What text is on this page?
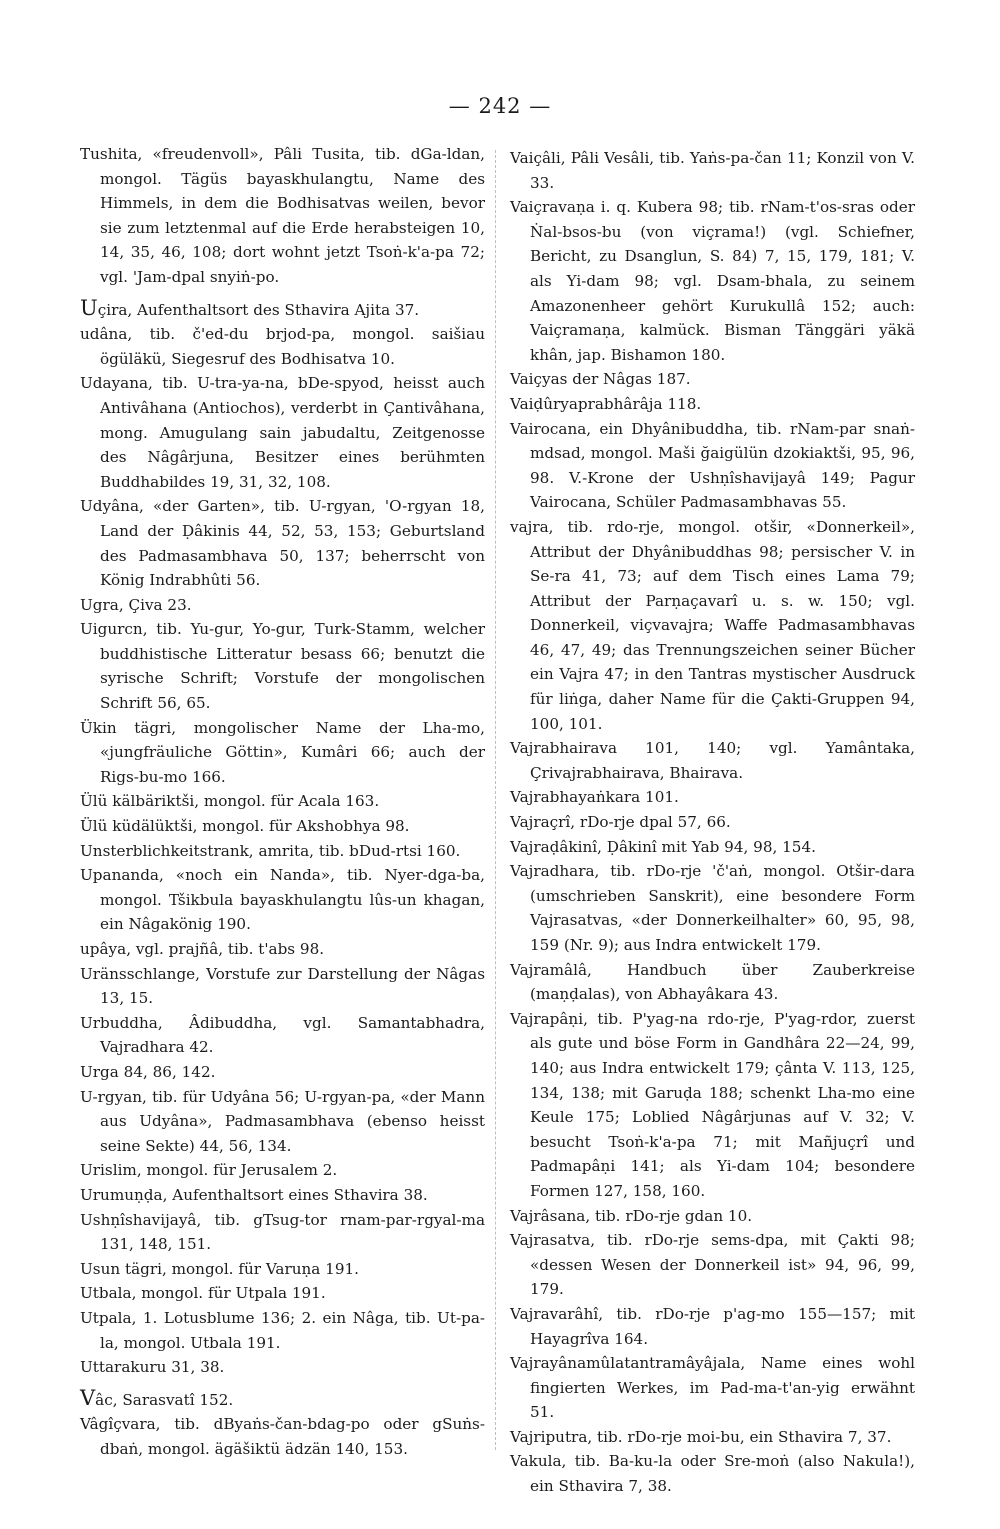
— 242 —

Tushita, «freudenvoll», Pâli Tusita, tib. dGa-ldan, mongol. Tägüs bayaskhulangtu, Name des Himmels, in dem die Bodhisatvas weilen, bevor sie zum letztenmal auf die Erde herabsteigen 10, 14, 35, 46, 108; dort wohnt jetzt Tsoṅ-k'a-pa 72; vgl. 'Jam-dpal snyiṅ-po.

Uçira, Aufenthaltsort des Sthavira Ajita 37.

udâna, tib. č'ed-du brjod-pa, mongol. saišiau ögüläkü, Siegesruf des Bodhisatva 10.

Udayana, tib. U-tra-ya-na, bDe-spyod, heisst auch Antivâhana (Antiochos), verderbt in Çantivâhana, mong. Amugulang sain jabudaltu, Zeitgenosse des Nâgârjuna, Besitzer eines berühmten Buddhabildes 19, 31, 32, 108.

Udyâna, «der Garten», tib. U-rgyan, 'O-rgyan 18, Land der Ḍâkinis 44, 52, 53, 153; Geburtsland des Padmasambhava 50, 137; beherrscht von König Indrabhûti 56.

Ugra, Çiva 23.

Uigurcn, tib. Yu-gur, Yo-gur, Turk-Stamm, welcher buddhistische Litteratur besass 66; benutzt die syrische Schrift; Vorstufe der mongolischen Schrift 56, 65.

Ükin tägri, mongolischer Name der Lha-mo, «jungfräuliche Göttin», Kumâri 66; auch der Rigs-bu-mo 166.

Ülü kälbäriktši, mongol. für Acala 163.

Ülü küdälüktši, mongol. für Akshobhya 98.

Unsterblichkeitstrank, amrita, tib. bDud-rtsi 160.

Upananda, «noch ein Nanda», tib. Nyer-dga-ba, mongol. Tšikbula bayaskhulangtu lûs-un khagan, ein Nâgakönig 190.

upâya, vgl. prajñâ, tib. t'abs 98.

Uränsschlange, Vorstufe zur Darstellung der Nâgas 13, 15.

Urbuddha, Âdibuddha, vgl. Samantabhadra, Vajradhara 42.

Urga 84, 86, 142.

U-rgyan, tib. für Udyâna 56; U-rgyan-pa, «der Mann aus Udyâna», Padmasambhava (ebenso heisst seine Sekte) 44, 56, 134.

Urislim, mongol. für Jerusalem 2.

Urumuṇḍa, Aufenthaltsort eines Sthavira 38.

Ushṇîshavijayâ, tib. gTsug-tor rnam-par-rgyal-ma 131, 148, 151.

Usun tägri, mongol. für Varuṇa 191.

Utbala, mongol. für Utpala 191.

Utpala, 1. Lotusblume 136; 2. ein Nâga, tib. Ut-pa-la, mongol. Utbala 191.

Uttarakuru 31, 38.

Vâc, Sarasvatî 152.

Vâgîçvara, tib. dByaṅs-čan-bdag-po oder gSuṅs-dbaṅ, mongol. ägäšiktü ädzän 140, 153.

Vaiçâli, Pâli Vesâli, tib. Yaṅs-pa-čan 11; Konzil von V. 33.

Vaiçravaṇa i. q. Kubera 98; tib. rNam-t'os-sras oder Ṅal-bsos-bu (von viçrama!) (vgl. Schiefner, Bericht, zu Dsanglun, S. 84) 7, 15, 179, 181; V. als Yi-dam 98; vgl. Dsam-bhala, zu seinem Amazonenheer gehört Kurukullâ 152; auch: Vaiçramaṇa, kalmück. Bisman Tänggäri yäkä khân, jap. Bishamon 180.

Vaiçyas der Nâgas 187.

Vaiḍûryaprabhârâja 118.

Vairocana, ein Dhyânibuddha, tib. rNam-par snaṅ-mdsad, mongol. Maši ğaigülün dzokiaktši, 95, 96, 98. V.-Krone der Ushṇîshavijayâ 149; Pagur Vairocana, Schüler Padmasambhavas 55.

vajra, tib. rdo-rje, mongol. otšir, «Donnerkeil», Attribut der Dhyânibuddhas 98; persischer V. in Se-ra 41, 73; auf dem Tisch eines Lama 79; Attribut der Parṇaçavarî u. s. w. 150; vgl. Donnerkeil, viçvavajra; Waffe Padmasambhavas 46, 47, 49; das Trennungszeichen seiner Bücher ein Vajra 47; in den Tantras mystischer Ausdruck für liṅga, daher Name für die Çakti-Gruppen 94, 100, 101.

Vajrabhairava 101, 140; vgl. Yamântaka, Çrivajrabhairava, Bhairava.

Vajrabhayaṅkara 101.

Vajraçrî, rDo-rje dpal 57, 66.

Vajraḍâkinî, Ḍâkinî mit Yab 94, 98, 154.

Vajradhara, tib. rDo-rje 'č'aṅ, mongol. Otšir-dara (umschrieben Sanskrit), eine besondere Form Vajrasatvas, «der Donnerkeilhalter» 60, 95, 98, 159 (Nr. 9); aus Indra entwickelt 179.

Vajramâlâ, Handbuch über Zauberkreise (maṇḍalas), von Abhayâkara 43.

Vajrapâṇi, tib. P'yag-na rdo-rje, P'yag-rdor, zuerst als gute und böse Form in Gandhâra 22—24, 99, 140; aus Indra entwickelt 179; çânta V. 113, 125, 134, 138; mit Garuḍa 188; schenkt Lha-mo eine Keule 175; Loblied Nâgârjunas auf V. 32; V. besucht Tsoṅ-k'a-pa 71; mit Mañjuçrî und Padmapâṇi 141; als Yi-dam 104; besondere Formen 127, 158, 160.

Vajrâsana, tib. rDo-rje gdan 10.

Vajrasatva, tib. rDo-rje sems-dpa, mit Çakti 98; «dessen Wesen der Donnerkeil ist» 94, 96, 99, 179.

Vajravarâhî, tib. rDo-rje p'ag-mo 155—157; mit Hayagrîva 164.

Vajrayânamûlatantramâyâjala, Name eines wohl fingierten Werkes, im Pad-ma-t'an-yig erwähnt 51.

Vajriputra, tib. rDo-rje moi-bu, ein Sthavira 7, 37.

Vakula, tib. Ba-ku-la oder Sre-moṅ (also Nakula!), ein Sthavira 7, 38.
